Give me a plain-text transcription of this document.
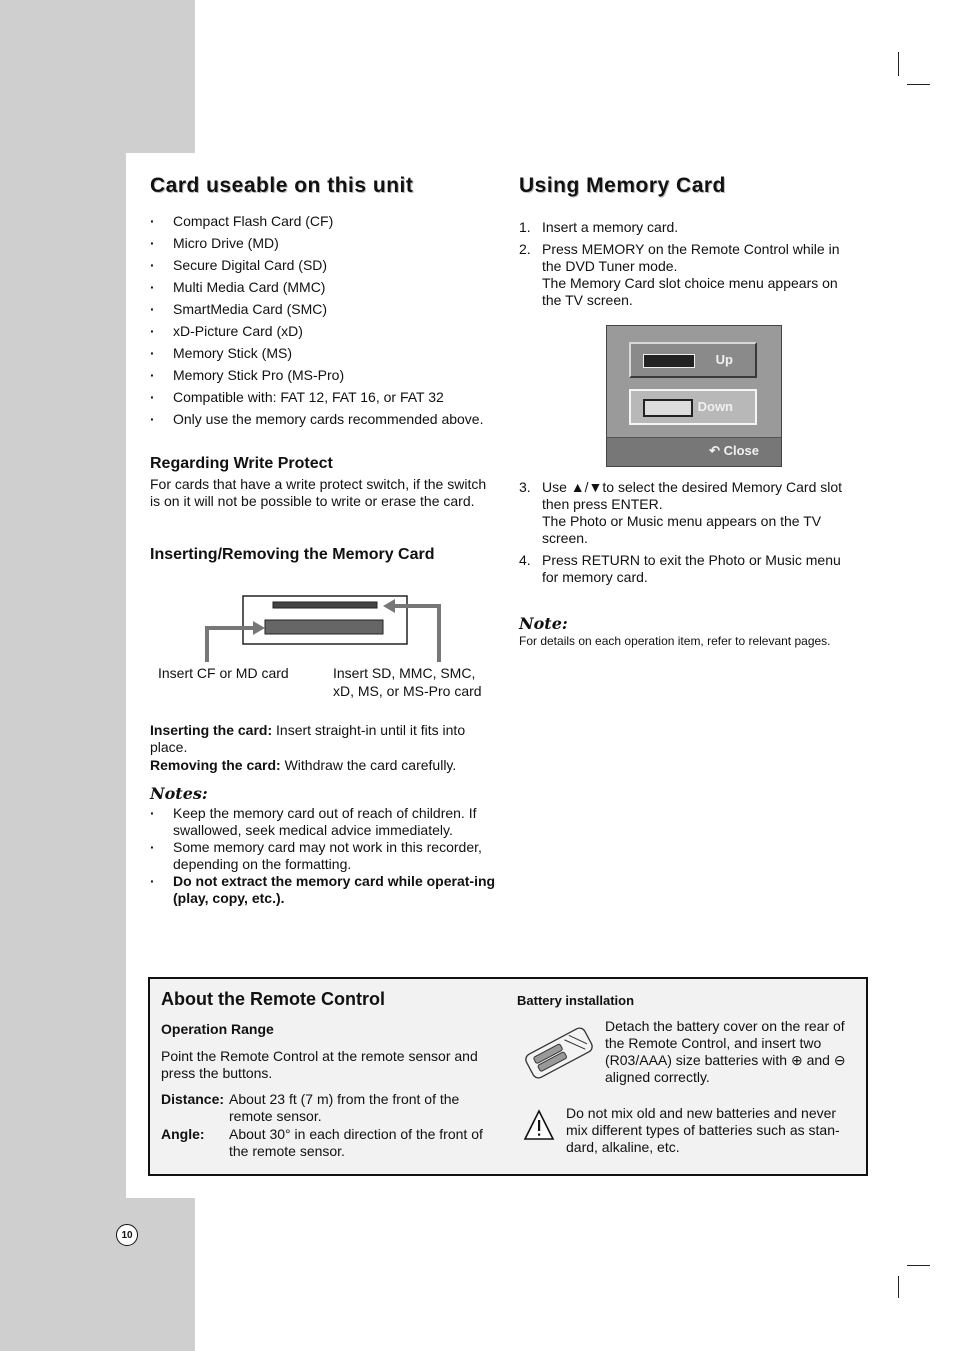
Card useable on this unit
· Compact Flash Card (CF)
· Micro Drive (MD)
· Secure Digital Card (SD)
· Multi Media Card (MMC)
· SmartMedia Card (SMC)
· xD-Picture Card (xD)
· Memory Stick (MS)
· Memory Stick Pro (MS-Pro)
· Compatible with: FAT 12, FAT 16, or FAT 32
· Only use the memory cards recommended above.
Regarding Write Protect

For cards that have a write protect switch, if the switch is on it will not be possible to write or erase the card.

Inserting/Removing the Memory Card

Insert CF or MD card	Insert SD, MMC, SMC,

xD, MS, or MS-Pro card

Inserting the card: Insert straight-in until it fits into place.

Removing the card: Withdraw the card carefully.

Notes:

· Keep the memory card out of reach of children. If swallowed, seek medical advice immediately.
· Some memory card may not work in this recorder, depending on the formatting.
· Do not extract the memory card while operat-ing (play, copy, etc.).
Using Memory Card
1. Insert a memory card.
2. Press MEMORY on the Remote Control while in the DVD Tuner mode.
The Memory Card slot choice menu appears on the TV screen.
Up
Down
↶ Close
3. Use ▲/▼to select the desired Memory Card slot then press ENTER.
The Photo or Music menu appears on the TV screen.
4. Press RETURN to exit the Photo or Music menu for memory card.

Note:

For details on each operation item, refer to relevant pages.

About the Remote Control

Operation Range

Point the Remote Control at the remote sensor and press the buttons.

Distance: About 23 ft (7 m) from the front of the remote sensor.

Angle: About 30° in each direction of the front of the remote sensor.

Battery installation

Detach the battery cover on the rear of the Remote Control, and insert two (R03/AAA) size batteries with ⊕ and ⊖ aligned correctly.

Do not mix old and new batteries and never mix different types of batteries such as stan-dard, alkaline, etc.

10
